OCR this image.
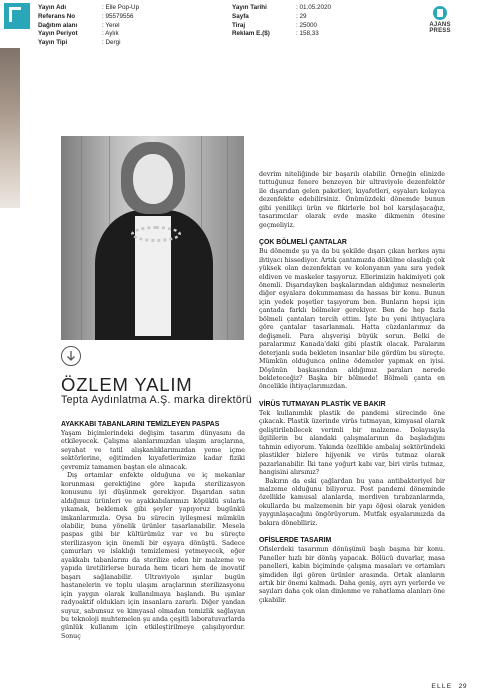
Yayın Adı	: Elle Pop-Up
Referans No	: 95579556
Dağıtım alanı	: Yerel
Yayın Periyot	: Aylık
Yayın Tipi	: Dergi
Yayın Tarihi	: 01.05.2020
Sayfa	: 29
Tiraj	: 25000
Reklam E.($)	: 158,33
AJANS PRESS
ÖZLEM YALIM
Tepta Aydınlatma A.Ş. marka direktörü
AYAKKABI TABANLARINI TEMİZLEYEN PASPAS

Yaşam biçimlerindeki değişim tasarım dünyasını da etkileyecek. Çalışma alanlarımızdan ulaşım araçlarına, seyahat ve tatil alışkanlıklarımızdan yeme içme sektörlerine, eğitimden kıyafetlerimize kadar fiziki çevremiz tamamen baştan ele alınacak.

Dış ortamlar enfekte olduğuna ve iç mekanlar korunması gerektiğine göre kapıda sterilizasyon konusunu iyi düşünmek gerekiyor. Dışarıdan satın aldığımız ürünleri ve ayakkabılarımızı köpüklü sularla yıkamak, beklemek gibi şeyler yapıyoruz bugünkü imkanlarımızla. Oysa bu sürecin iyileşmesi mümkün olabilir, buna yönelik ürünler tasarlanabilir. Mesela paspas gibi bir kültürümüz var ve bu süreçte sterilizasyon için önemli bir eşyaya dönüştü. Sadece çamurları ve islaklığı temizlemesi yetmeyecek, eğer ayakkabı tabanlarını da sterilize eden bir malzeme ve yapıda üretilirlerse burada hem ticari hem de inovatif başarı sağlanabilir. Ultraviyole ışınlar bugün hastanelerin ve toplu ulaşım araçlarının sterilizasyonu için yaygın olarak kullanılmaya başlandı. Bu ışınlar radyoaktif oldukları için insanlara zararlı. Diğer yandan suyuz, sabunsuz ve kimyasal olmadan temizlik sağlayan bu teknoloji muhtemelen şu anda çeşitli laboratuvarlarda günlük kullanım için etkileştirilmeye çalışılıyordur. Sonuç

devrim niteliğinde bir başarılı olabilir. Örneğin elinizde tuttuğunuz fenere benzeyen bir ultraviyole dezenfektör ile dışarıdan gelen paketleri, kıyafetleri, eşyaları kolayca dezenfekte edebilirsiniz. Önümüzdeki dönemde bunun gibi yenilikçi ürün ve fikirlerle bol bol karşılaşacağız, tasarımcılar olarak evde maske dikmenin ötesine geçmeliyiz.

ÇOK BÖLMELİ ÇANTALAR

Bu dönemde şu ya da bu şekilde dışarı çıkan herkes aynı ihtiyacı hissediyor. Artık çantamızda dökülme olasılığı çok yüksek olan dezenfektan ve kolonyanın yanı sıra yedek eldiven ve maskeler taşıyoruz. Ellerimizin hakimiyeti çok önemli. Dışarıdayken başkalarından aldığımız nesnelerin diğer eşyalara dokunmaması da hassas bir konu. Bunun için yedek poşetler taşıyorum ben. Bunların hepsi için çantada farklı bölmeler gerekiyor. Ben de hep fazla bölmeli çantaları tercih ettim. İşte bu yeni ihtiyaçlara göre çantalar tasarlanmalı. Hatta cüzdanlarımız da değişmeli. Para alışverişi büyük sorun. Belki de paralarımız Kanada'daki gibi plastik olacak. Paralarım deterjanlı suda bekleten insanlar bile gördüm bu süreçte. Mümkün olduğunca online ödemeler yapmak en iyisi. Döşünün başkasından aldığımız paraları nerede bekleteceğiz? Başka bir bölmede! Bölmeli çanta en öncelikle ihtiyaçlarımızdan.

VİRÜS TUTMAYAN PLASTİK VE BAKIR

Tek kullanımlık plastik de pandemi sürecinde öne çıkacak. Plastik üzerinde virüs tutmayan, kimyasal olarak geliştirilebilecek verimli bir malzeme. Dolayısıyla ilgililerin bu alandaki çalışmalarının da başladığını tahmin ediyorum. Yakında özellikle ambalaj sektöründeki plastikler bizlere hijyenik ve virüs tutmaz olarak pazarlanabilir. İki tane yoğurt kabı var, biri virüs tutmaz, hangisini alırsınız?

Bakırın da eski çağlardan bu yana antibakteriyel bir malzeme olduğunu biliyoruz. Post pandemi döneminde özellikle kamusal alanlarda, merdiven tırabzanlarında, okullarda bu malzemenin bir yapı öğesi olarak yeniden yaygınlaşacağını öngörüyorum. Mutfak eşyalarımızda da bakıra döneblliriz.

OFİSLERDE TASARIM

Ofislerdeki tasarımın dönüşümü başlı başına bir konu. Paneller hızlı bir dönüş yapacak. Bölücü duvarlar, masa panelleri, kabin biçiminde çalışma masaları ve ortamları şimdiden ilgi gören ürünler arasında. Ortak alanların artık bir önemi kalmadı. Daha geniş, ayrı ayrı yerlerde ve sayıları daha çok olan dinlenme ve rahatlama alanları öne çıkabilir.

ELLE 29
